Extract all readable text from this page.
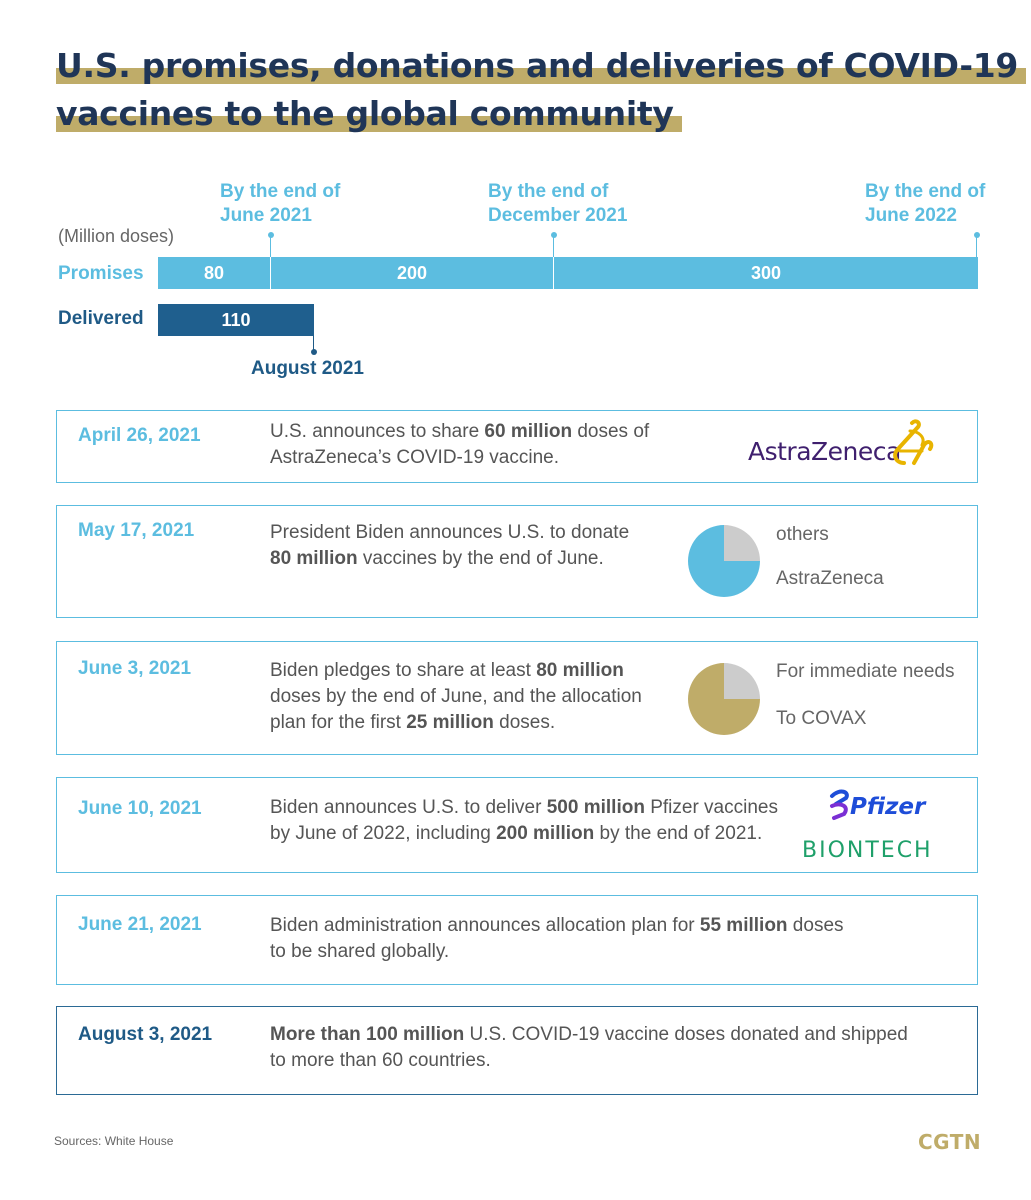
U.S. promises, donations and deliveries of COVID-19
vaccines to the global community
By the end of
June 2021
By the end of
December 2021
By the end of
June 2022
(Million doses)
Promises	80	200	300
Delivered	110
August 2021
April 26, 2021	U.S. announces to share 60 million doses of
AstraZeneca’s COVID-19 vaccine.	AstraZeneca
May 17, 2021	President Biden announces U.S. to donate
80 million vaccines by the end of June.
others
AstraZeneca
June 3, 2021	Biden pledges to share at least 80 million
doses by the end of June, and the allocation
plan for the first 25 million doses.
For immediate needs
To COVAX
June 10, 2021	Biden announces U.S. to deliver 500 million Pfizer vaccines
by June of 2022, including 200 million by the end of 2021.
Pfizer
BIONTECH
June 21, 2021	Biden administration announces allocation plan for 55 million doses
to be shared globally.
August 3, 2021	More than 100 million U.S. COVID-19 vaccine doses donated and shipped
to more than 60 countries.
Sources: White House	CGTN
